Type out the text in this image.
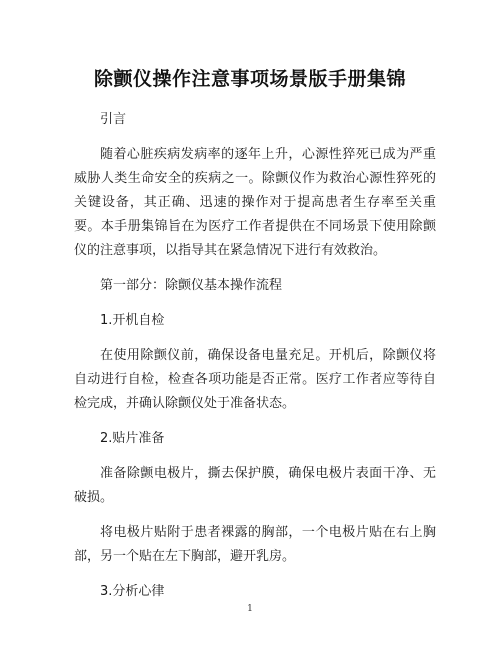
除颤仪操作注意事项场景版手册集锦
引言

随着心脏疾病发病率的逐年上升，心源性猝死已成为严重威胁人类生命安全的疾病之一。除颤仪作为救治心源性猝死的关键设备，其正确、迅速的操作对于提高患者生存率至关重要。本手册集锦旨在为医疗工作者提供在不同场景下使用除颤仪的注意事项，以指导其在紧急情况下进行有效救治。

第一部分：除颤仪基本操作流程
1.开机自检

在使用除颤仪前，确保设备电量充足。开机后，除颤仪将自动进行自检，检查各项功能是否正常。医疗工作者应等待自检完成，并确认除颤仪处于准备状态。

2.贴片准备

准备除颤电极片，撕去保护膜，确保电极片表面干净、无破损。

将电极片贴附于患者裸露的胸部，一个电极片贴在右上胸部，另一个贴在左下胸部，避开乳房。

3.分析心律
1
